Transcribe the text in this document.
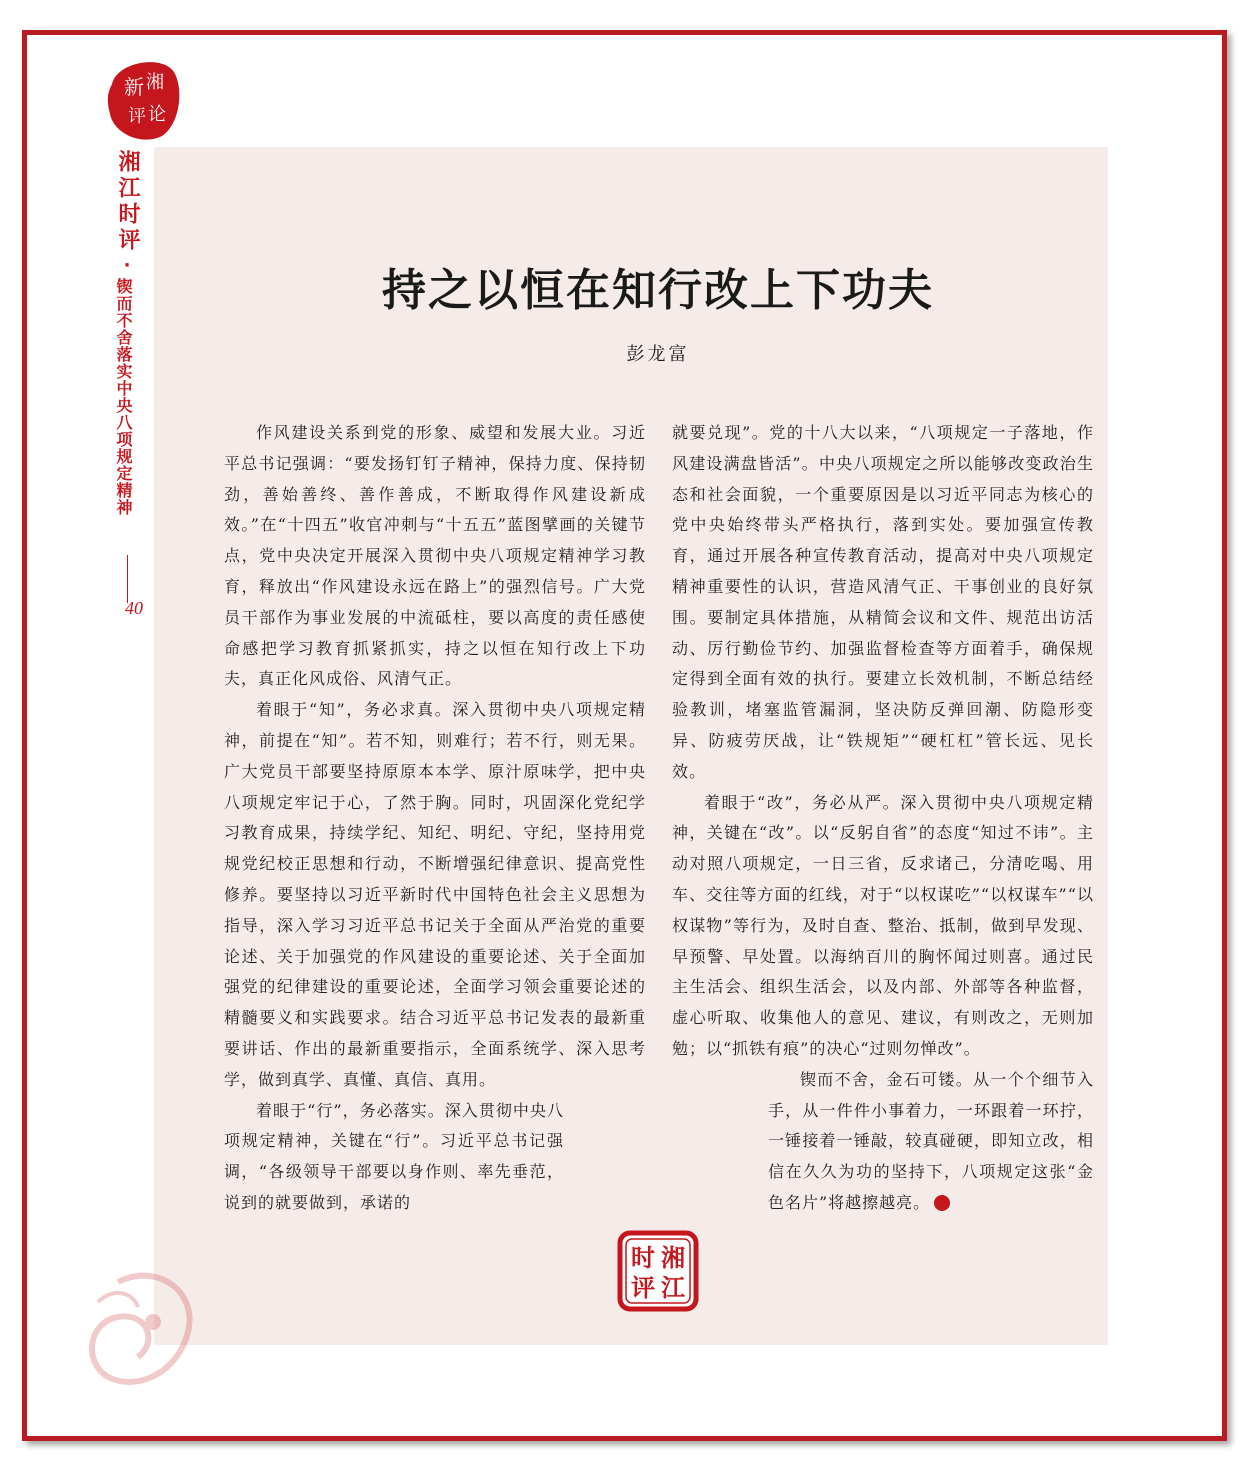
新 湘
评 论
湘江时评
·
锲而不舍落实中央八项规定精神
40
持之以恒在知行改上下功夫
彭龙富

作风建设关系到党的形象、威望和发展大业。习近平总书记强调：“要发扬钉钉子精神，保持力度、保持韧劲，善始善终、善作善成，不断取得作风建设新成效。”在“十四五”收官冲刺与“十五五”蓝图擘画的关键节点，党中央决定开展深入贯彻中央八项规定精神学习教育，释放出“作风建设永远在路上”的强烈信号。广大党员干部作为事业发展的中流砥柱，要以高度的责任感使命感把学习教育抓紧抓实，持之以恒在知行改上下功夫，真正化风成俗、风清气正。

着眼于“知”，务必求真。深入贯彻中央八项规定精神，前提在“知”。若不知，则难行；若不行，则无果。广大党员干部要坚持原原本本学、原汁原味学，把中央八项规定牢记于心，了然于胸。同时，巩固深化党纪学习教育成果，持续学纪、知纪、明纪、守纪，坚持用党规党纪校正思想和行动，不断增强纪律意识、提高党性修养。要坚持以习近平新时代中国特色社会主义思想为指导，深入学习习近平总书记关于全面从严治党的重要论述、关于加强党的作风建设的重要论述、关于全面加强党的纪律建设的重要论述，全面学习领会重要论述的精髓要义和实践要求。结合习近平总书记发表的最新重要讲话、作出的最新重要指示，全面系统学、深入思考学，做到真学、真懂、真信、真用。

着眼于“行”，务必落实。深入贯彻中央八项规定精神，关键在“行”。习近平总书记强调，“各级领导干部要以身作则、率先垂范，说到的就要做到，承诺的

就要兑现”。党的十八大以来，“八项规定一子落地，作风建设满盘皆活”。中央八项规定之所以能够改变政治生态和社会面貌，一个重要原因是以习近平同志为核心的党中央始终带头严格执行，落到实处。要加强宣传教育，通过开展各种宣传教育活动，提高对中央八项规定精神重要性的认识，营造风清气正、干事创业的良好氛围。要制定具体措施，从精简会议和文件、规范出访活动、厉行勤俭节约、加强监督检查等方面着手，确保规定得到全面有效的执行。要建立长效机制，不断总结经验教训，堵塞监管漏洞，坚决防反弹回潮、防隐形变异、防疲劳厌战，让“铁规矩”“硬杠杠”管长远、见长效。

着眼于“改”，务必从严。深入贯彻中央八项规定精神，关键在“改”。以“反躬自省”的态度“知过不讳”。主动对照八项规定，一日三省，反求诸己，分清吃喝、用车、交往等方面的红线，对于“以权谋吃”“以权谋车”“以权谋物”等行为，及时自查、整治、抵制，做到早发现、早预警、早处置。以海纳百川的胸怀闻过则喜。通过民主生活会、组织生活会，以及内部、外部等各种监督，虚心听取、收集他人的意见、建议，有则改之，无则加勉；以“抓铁有痕”的决心“过则勿惮改”。

锲而不舍，金石可镂。从一个个细节入手，从一件件小事着力，一环跟着一环拧，一锤接着一锤敲，较真碰硬，即知立改，相信在久久为功的坚持下，八项规定这张“金色名片”将越擦越亮。

湘
江
时
评
